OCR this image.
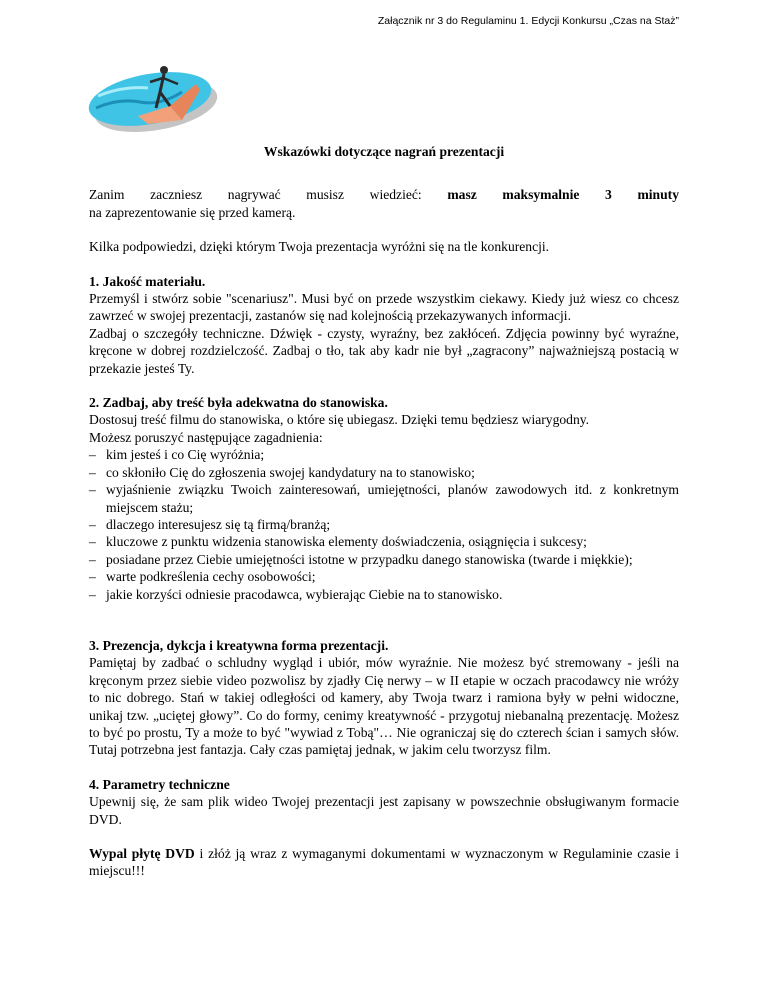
Załącznik nr 3 do Regulaminu 1. Edycji Konkursu „Czas na Staż”

Wskazówki dotyczące nagrań prezentacji

Zanim zaczniesz nagrywać musisz wiedzieć: masz maksymalnie 3 minuty

na zaprezentowanie się przed kamerą.

Kilka podpowiedzi, dzięki którym Twoja prezentacja wyróżni się na tle konkurencji.

1. Jakość materiału.

Przemyśl i stwórz sobie "scenariusz". Musi być on przede wszystkim ciekawy. Kiedy już wiesz co chcesz zawrzeć w swojej prezentacji, zastanów się nad kolejnością przekazywanych informacji.

Zadbaj o szczegóły techniczne. Dźwięk - czysty, wyraźny, bez zakłóceń. Zdjęcia powinny być wyraźne, kręcone w dobrej rozdzielczość. Zadbaj o tło, tak aby kadr nie był „zagracony” najważniejszą postacią w przekazie jesteś Ty.

2. Zadbaj, aby treść była adekwatna do stanowiska.

Dostosuj treść filmu do stanowiska, o które się ubiegasz. Dzięki temu będziesz wiarygodny.

Możesz poruszyć następujące zagadnienia:

– kim jesteś i co Cię wyróżnia;
– co skłoniło Cię do zgłoszenia swojej kandydatury na to stanowisko;
– wyjaśnienie związku Twoich zainteresowań, umiejętności, planów zawodowych itd. z konkretnym miejscem stażu;
– dlaczego interesujesz się tą firmą/branżą;
– kluczowe z punktu widzenia stanowiska elementy doświadczenia, osiągnięcia i sukcesy;
– posiadane przez Ciebie umiejętności istotne w przypadku danego stanowiska (twarde i miękkie);
– warte podkreślenia cechy osobowości;
– jakie korzyści odniesie pracodawca, wybierając Ciebie na to stanowisko.

3. Prezencja, dykcja i kreatywna forma prezentacji.

Pamiętaj by zadbać o schludny wygląd i ubiór, mów wyraźnie. Nie możesz być stremowany - jeśli na kręconym przez siebie video pozwolisz by zjadły Cię nerwy – w II etapie w oczach pracodawcy nie wróży to nic dobrego. Stań w takiej odległości od kamery, aby Twoja twarz i ramiona były w pełni widoczne, unikaj tzw. „uciętej głowy”. Co do formy, cenimy kreatywność - przygotuj niebanalną prezentację. Możesz to być po prostu, Ty a może to być "wywiad z Tobą"… Nie ograniczaj się do czterech ścian i samych słów. Tutaj potrzebna jest fantazja. Cały czas pamiętaj jednak, w jakim celu tworzysz film.

4. Parametry techniczne

Upewnij się, że sam plik wideo Twojej prezentacji jest zapisany w powszechnie obsługiwanym formacie DVD.

Wypal płytę DVD i złóż ją wraz z wymaganymi dokumentami w wyznaczonym w Regulaminie czasie i miejscu!!!
